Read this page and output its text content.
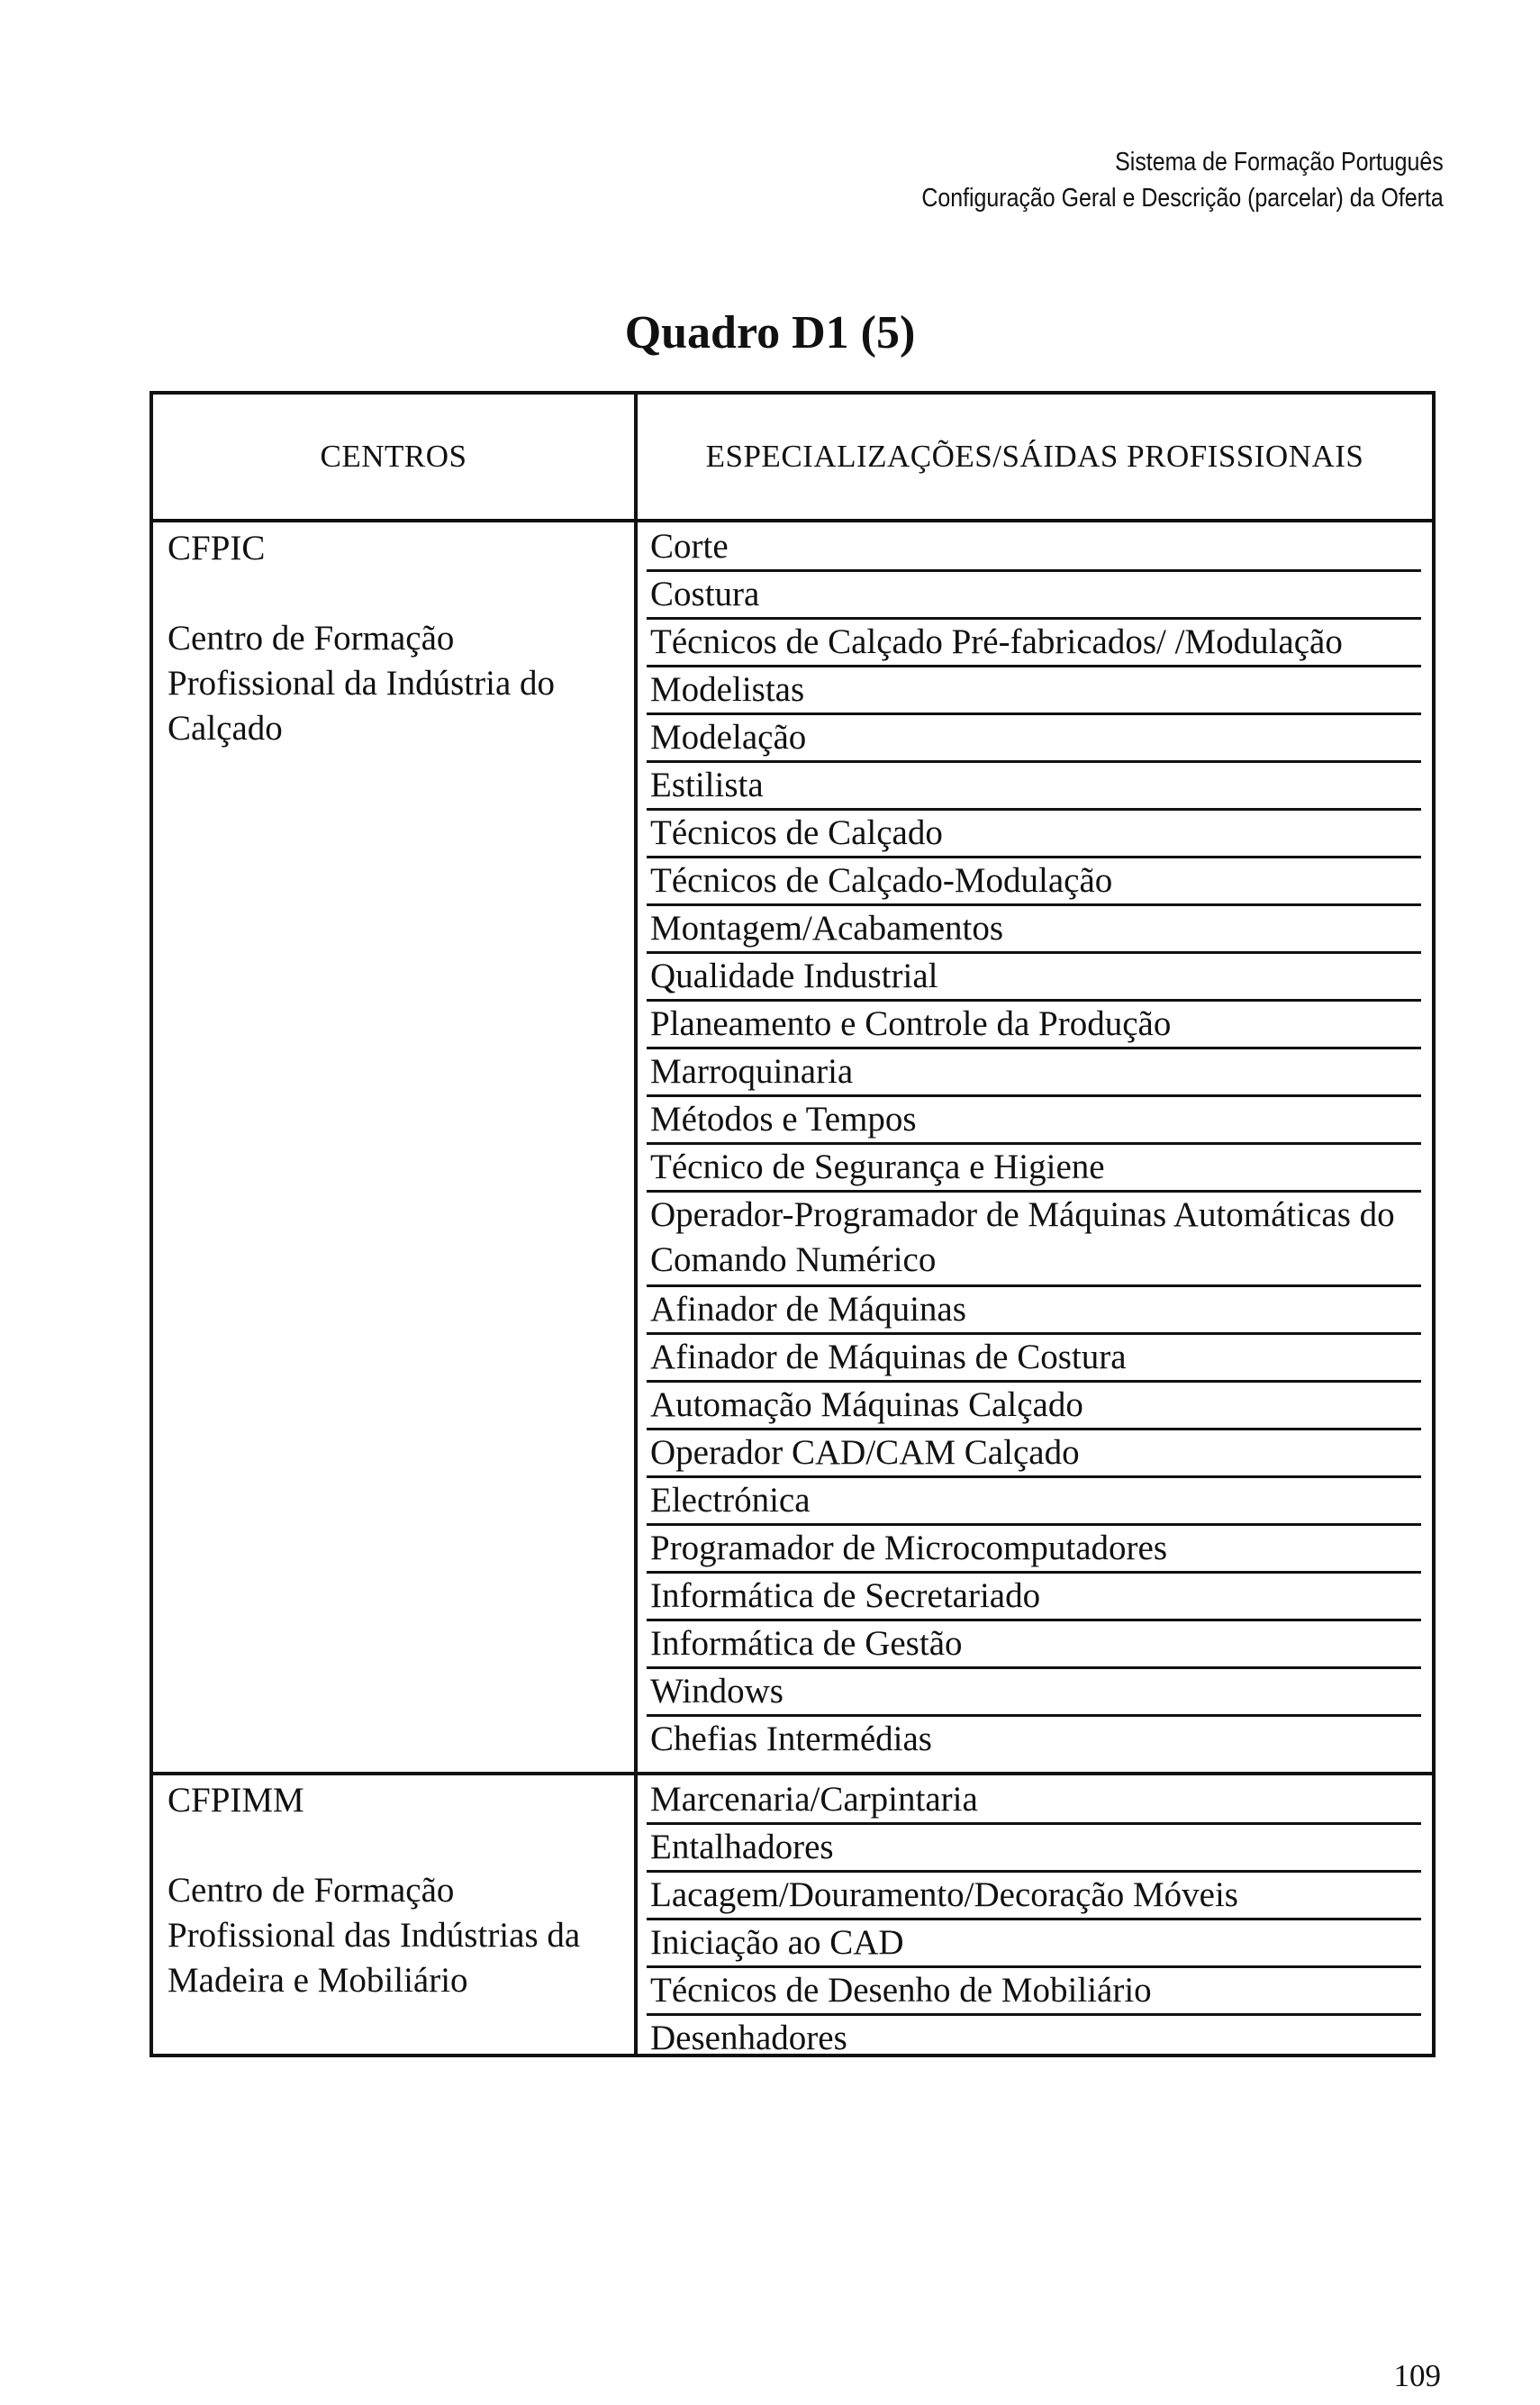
Sistema de Formação Português
Configuração Geral e Descrição (parcelar) da Oferta
Quadro D1 (5)
CENTROS	ESPECIALIZAÇÕES/SÁIDAS PROFISSIONAIS
CFPIC
Centro de Formação Profissional da Indústria do Calçado
Corte
Costura
Técnicos de Calçado Pré-fabricados/ /Modulação
Modelistas
Modelação
Estilista
Técnicos de Calçado
Técnicos de Calçado-Modulação
Montagem/Acabamentos
Qualidade Industrial
Planeamento e Controle da Produção
Marroquinaria
Métodos e Tempos
Técnico de Segurança e Higiene
Operador-Programador de Máquinas Automáticas do Comando Numérico
Afinador de Máquinas
Afinador de Máquinas de Costura
Automação Máquinas Calçado
Operador CAD/CAM Calçado
Electrónica
Programador de Microcomputadores
Informática de Secretariado
Informática de Gestão
Windows
Chefias Intermédias
CFPIMM
Centro de Formação Profissional das Indústrias da Madeira e Mobiliário
Marcenaria/Carpintaria
Entalhadores
Lacagem/Douramento/Decoração Móveis
Iniciação ao CAD
Técnicos de Desenho de Mobiliário
Desenhadores
109
